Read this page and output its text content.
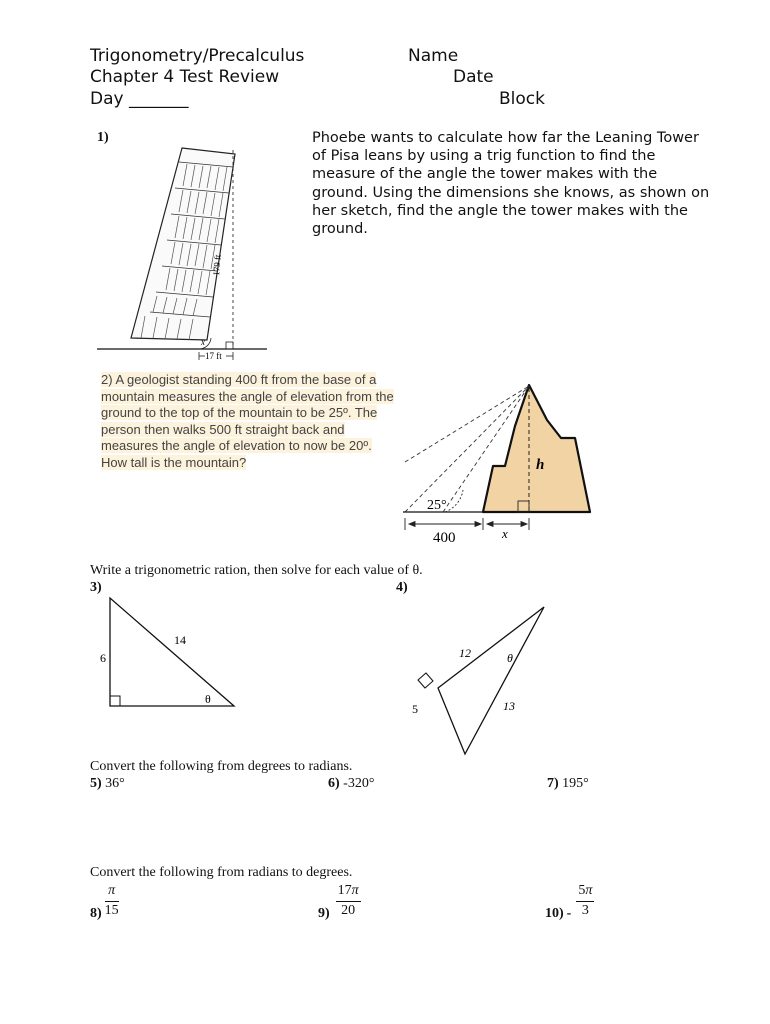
Trigonometry/Precalculus
Chapter 4 Test Review
Day _______
Name
Date
Block
1)	Phoebe wants to calculate how far the Leaning Tower of Pisa leans by using a trig function to find the measure of the angle the tower makes with the ground. Using the dimensions she knows, as shown on her sketch, find the angle the tower makes with the ground.
x
179 ft
17 ft
2) A geologist standing 400 ft from the base of a mountain measures the angle of elevation from the ground to the top of the mountain to be 25º. The person then walks 500 ft straight back and measures the angle of elevation to now be 20º. How tall is the mountain?
25°
h
400	x
Write a trigonometric ration, then solve for each value of θ.
3)	4)
14
6
θ
12
13
5
θ
Convert the following from degrees to radians.
5) 36°	6) -320°	7) 195°
Convert the following from radians to degrees.
$8) \frac{\pi}{15}$	$9) \frac{17\pi}{20}$	$10) - \frac{5\pi}{3}$
